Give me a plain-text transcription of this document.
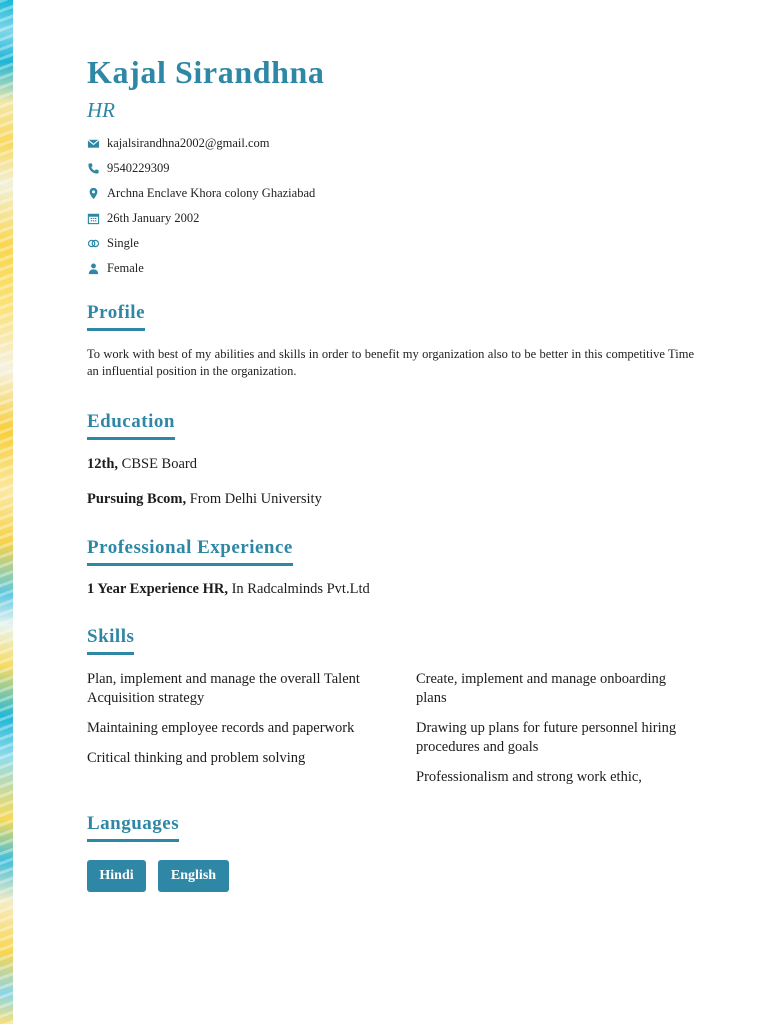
Kajal Sirandhna
HR
kajalsirandhna2002@gmail.com
9540229309
Archna Enclave Khora colony Ghaziabad
26th January 2002
Single
Female
Profile

To work with best of my abilities and skills in order to benefit my organization also to be better in this competitive Time an influential position in the organization.

Education
12th, CBSE Board
Pursuing Bcom, From Delhi University
Professional Experience
1 Year Experience HR, In Radcalminds Pvt.Ltd
Skills
Plan, implement and manage the overall Talent Acquisition strategy
Maintaining employee records and paperwork
Critical thinking and problem solving
Create, implement and manage onboarding plans
Drawing up plans for future personnel hiring procedures and goals
Professionalism and strong work ethic,
Languages
Hindi	English
